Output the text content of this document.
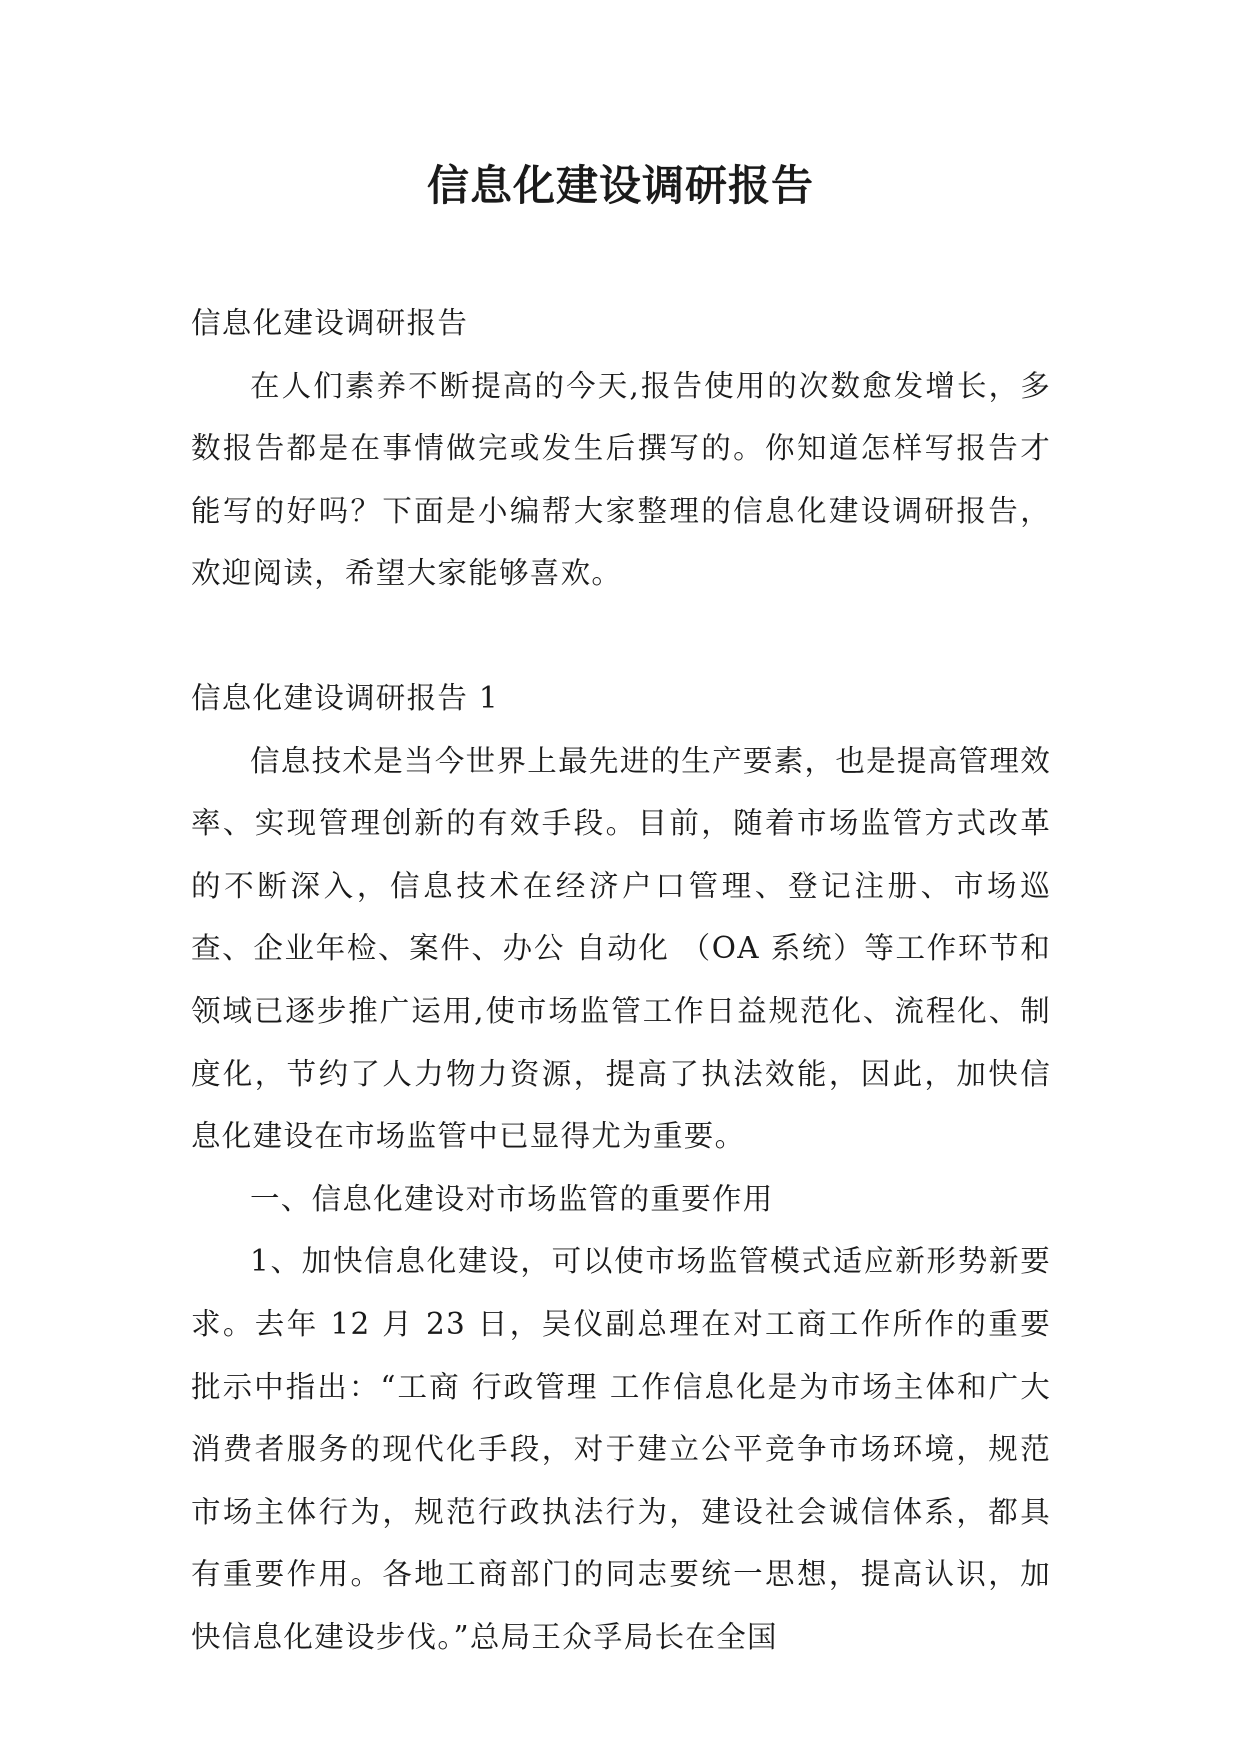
信息化建设调研报告

信息化建设调研报告

在人们素养不断提高的今天,报告使用的次数愈发增长，多数报告都是在事情做完或发生后撰写的。你知道怎样写报告才能写的好吗？下面是小编帮大家整理的信息化建设调研报告，欢迎阅读，希望大家能够喜欢。

信息化建设调研报告 1

信息技术是当今世界上最先进的生产要素，也是提高管理效率、实现管理创新的有效手段。目前，随着市场监管方式改革的不断深入，信息技术在经济户口管理、登记注册、市场巡查、企业年检、案件、办公 自动化 （OA 系统）等工作环节和领域已逐步推广运用,使市场监管工作日益规范化、流程化、制度化，节约了人力物力资源，提高了执法效能，因此，加快信息化建设在市场监管中已显得尤为重要。

一、信息化建设对市场监管的重要作用

1、加快信息化建设，可以使市场监管模式适应新形势新要求。去年 12 月 23 日，吴仪副总理在对工商工作所作的重要批示中指出：“工商 行政管理 工作信息化是为市场主体和广大消费者服务的现代化手段，对于建立公平竞争市场环境，规范市场主体行为，规范行政执法行为，建设社会诚信体系，都具有重要作用。各地工商部门的同志要统一思想，提高认识，加快信息化建设步伐。”总局王众孚局长在全国
